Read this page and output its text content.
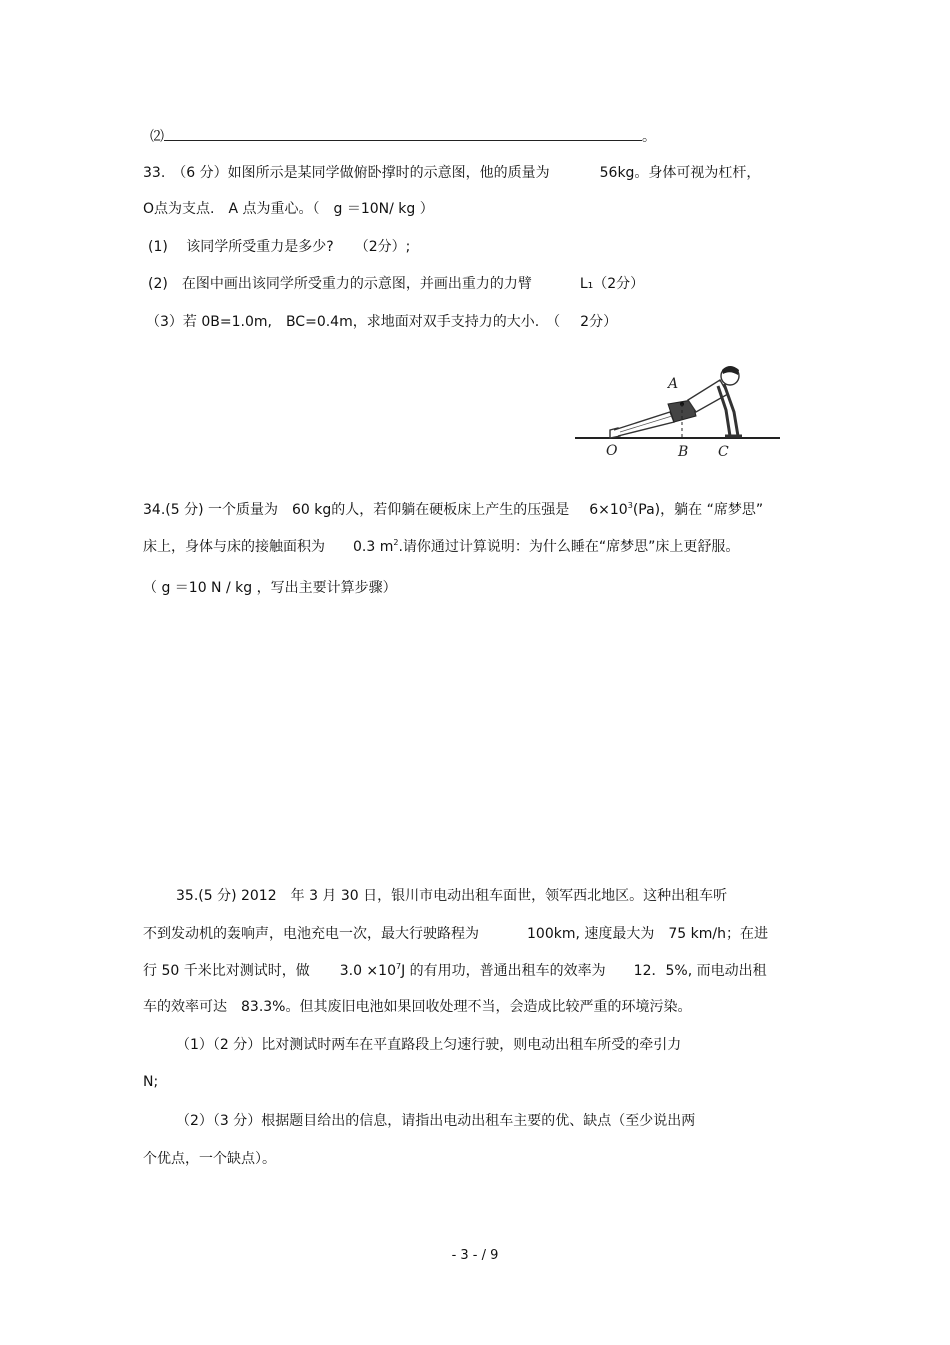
⑵	。
33.　（6 分）如图所示是某同学做俯卧撑时的示意图，他的质量为	56kg。身体可视为杠杆，
O点为支点.　A 点为重心。（ g ＝10N/ kg ）
(1)　 该同学所受重力是多少?　　（2分）;
(2)　在图中画出该同学所受重力的示意图，并画出重力的力臂	L₁（2分）
（3）若 0B=1.0m,　BC=0.4m，求地面对双手支持力的大小.　（ 2分）
A
O	B C
34.(5 分) 一个质量为　60 kg的人，若仰躺在硬板床上产生的压强是 $6\times 10^3(Pa)$，躺在 “席梦思”
床上，身体与床的接触面积为 0.3 $m^2$.请你通过计算说明：为什么睡在“席梦思”床上更舒服。
（ g ＝10 N / kg ，写出主要计算步骤）
35.(5 分) 2012　年 3 月 30 日，银川市电动出租车面世，领军西北地区。这种出租车听
不到发动机的轰响声，电池充电一次，最大行驶路程为	100km, 速度最大为　75 km/h；在进
行 50 千米比对测试时，做 $3.0 \times 10^7J$ 的有用功，普通出租车的效率为 12．5%, 而电动出租
车的效率可达　83.3%。但其废旧电池如果回收处理不当，会造成比较严重的环境污染。
（1）（2 分）比对测试时两车在平直路段上匀速行驶，则电动出租车所受的牵引力
N;
（2）（3 分）根据题目给出的信息，请指出电动出租车主要的优、缺点（至少说出两
个优点，一个缺点）。
- 3 - / 9
